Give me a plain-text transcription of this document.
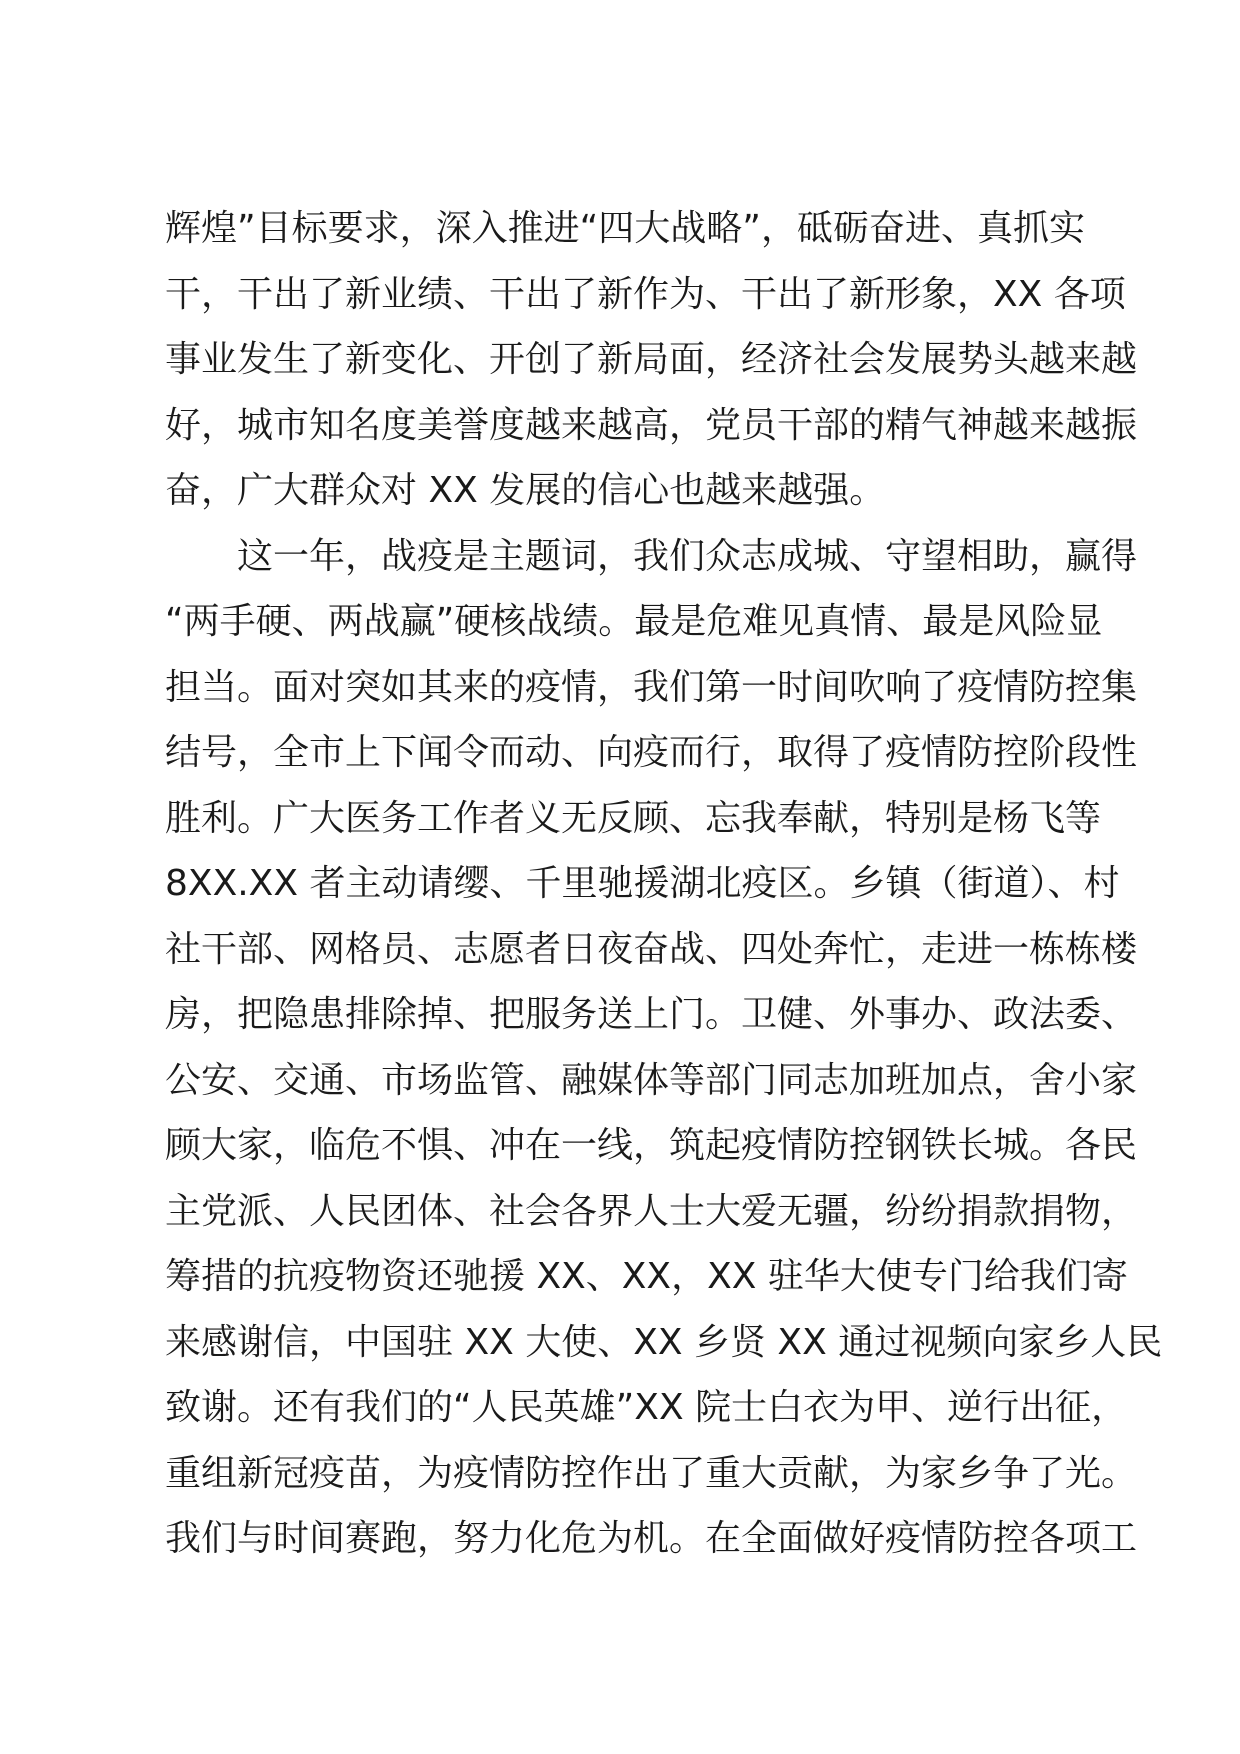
辉煌”目标要求，深入推进“四大战略”，砥砺奋进、真抓实
干，干出了新业绩、干出了新作为、干出了新形象，XX 各项
事业发生了新变化、开创了新局面，经济社会发展势头越来越
好，城市知名度美誉度越来越高，党员干部的精气神越来越振
奋，广大群众对 XX 发展的信心也越来越强。
这一年，战疫是主题词，我们众志成城、守望相助，赢得
“两手硬、两战赢”硬核战绩。最是危难见真情、最是风险显
担当。面对突如其来的疫情，我们第一时间吹响了疫情防控集
结号，全市上下闻令而动、向疫而行，取得了疫情防控阶段性
胜利。广大医务工作者义无反顾、忘我奉献，特别是杨飞等
8XX.XX 者主动请缨、千里驰援湖北疫区。乡镇（街道）、村
社干部、网格员、志愿者日夜奋战、四处奔忙，走进一栋栋楼
房，把隐患排除掉、把服务送上门。卫健、外事办、政法委、
公安、交通、市场监管、融媒体等部门同志加班加点，舍小家
顾大家，临危不惧、冲在一线，筑起疫情防控钢铁长城。各民
主党派、人民团体、社会各界人士大爱无疆，纷纷捐款捐物，
筹措的抗疫物资还驰援 XX、XX，XX 驻华大使专门给我们寄
来感谢信，中国驻 XX 大使、XX 乡贤 XX 通过视频向家乡人民
致谢。还有我们的“人民英雄”XX 院士白衣为甲、逆行出征，
重组新冠疫苗，为疫情防控作出了重大贡献，为家乡争了光。
我们与时间赛跑，努力化危为机。在全面做好疫情防控各项工
